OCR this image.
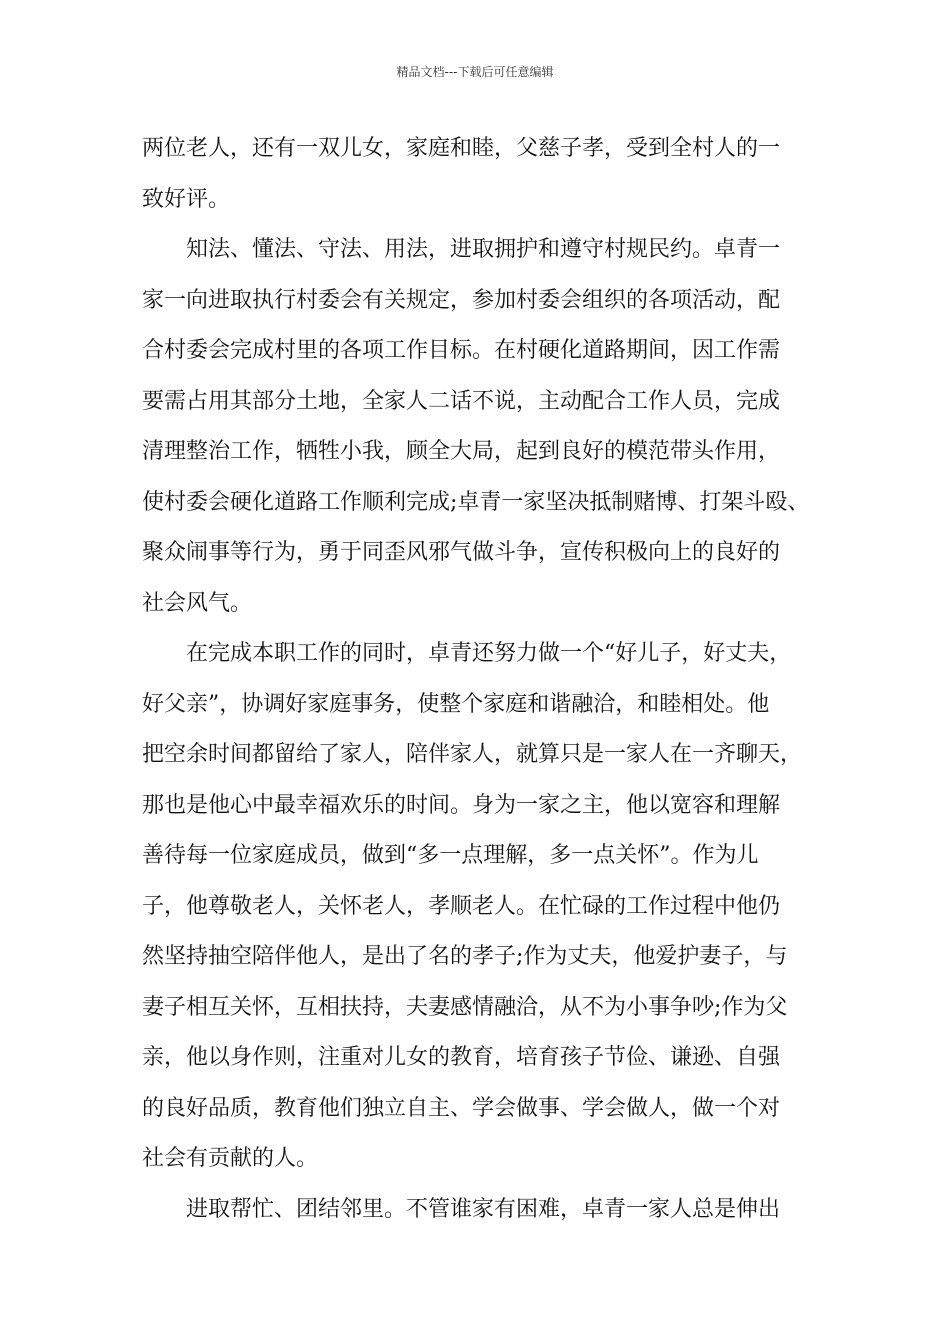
精品文档---下载后可任意编辑
两位老人，还有一双儿女，家庭和睦，父慈子孝，受到全村人的一
致好评。
知法、懂法、守法、用法，进取拥护和遵守村规民约。卓青一
家一向进取执行村委会有关规定，参加村委会组织的各项活动，配
合村委会完成村里的各项工作目标。在村硬化道路期间，因工作需
要需占用其部分土地，全家人二话不说，主动配合工作人员，完成
清理整治工作，牺牲小我，顾全大局，起到良好的模范带头作用，
使村委会硬化道路工作顺利完成;卓青一家坚决抵制赌博、打架斗殴、
聚众闹事等行为，勇于同歪风邪气做斗争，宣传积极向上的良好的
社会风气。
在完成本职工作的同时，卓青还努力做一个“好儿子，好丈夫，
好父亲”，协调好家庭事务，使整个家庭和谐融洽，和睦相处。他
把空余时间都留给了家人，陪伴家人，就算只是一家人在一齐聊天，
那也是他心中最幸福欢乐的时间。身为一家之主，他以宽容和理解
善待每一位家庭成员，做到“多一点理解，多一点关怀”。作为儿
子，他尊敬老人，关怀老人，孝顺老人。在忙碌的工作过程中他仍
然坚持抽空陪伴他人，是出了名的孝子;作为丈夫，他爱护妻子，与
妻子相互关怀，互相扶持，夫妻感情融洽，从不为小事争吵;作为父
亲，他以身作则，注重对儿女的教育，培育孩子节俭、谦逊、自强
的良好品质，教育他们独立自主、学会做事、学会做人，做一个对
社会有贡献的人。
进取帮忙、团结邻里。不管谁家有困难，卓青一家人总是伸出
